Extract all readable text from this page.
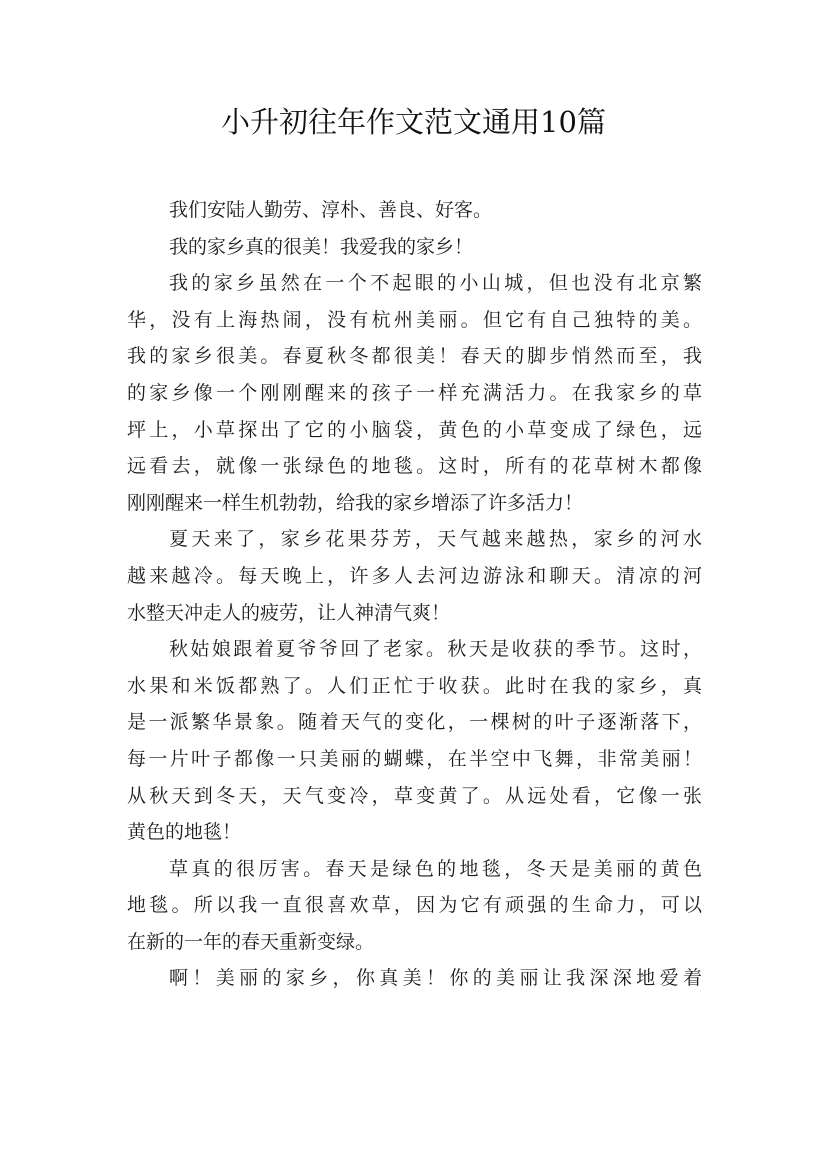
小升初往年作文范文通用10篇
我们安陆人勤劳、淳朴、善良、好客。
我的家乡真的很美！我爱我的家乡！
我的家乡虽然在一个不起眼的小山城，但也没有北京繁
华，没有上海热闹，没有杭州美丽。但它有自己独特的美。
我的家乡很美。春夏秋冬都很美！春天的脚步悄然而至，我
的家乡像一个刚刚醒来的孩子一样充满活力。在我家乡的草
坪上，小草探出了它的小脑袋，黄色的小草变成了绿色，远
远看去，就像一张绿色的地毯。这时，所有的花草树木都像
刚刚醒来一样生机勃勃，给我的家乡增添了许多活力！
夏天来了，家乡花果芬芳，天气越来越热，家乡的河水
越来越冷。每天晚上，许多人去河边游泳和聊天。清凉的河
水整天冲走人的疲劳，让人神清气爽！
秋姑娘跟着夏爷爷回了老家。秋天是收获的季节。这时，
水果和米饭都熟了。人们正忙于收获。此时在我的家乡，真
是一派繁华景象。随着天气的变化，一棵树的叶子逐渐落下，
每一片叶子都像一只美丽的蝴蝶，在半空中飞舞，非常美丽！
从秋天到冬天，天气变冷，草变黄了。从远处看，它像一张
黄色的地毯！
草真的很厉害。春天是绿色的地毯，冬天是美丽的黄色
地毯。所以我一直很喜欢草，因为它有顽强的生命力，可以
在新的一年的春天重新变绿。
啊！美丽的家乡，你真美！你的美丽让我深深地爱着
